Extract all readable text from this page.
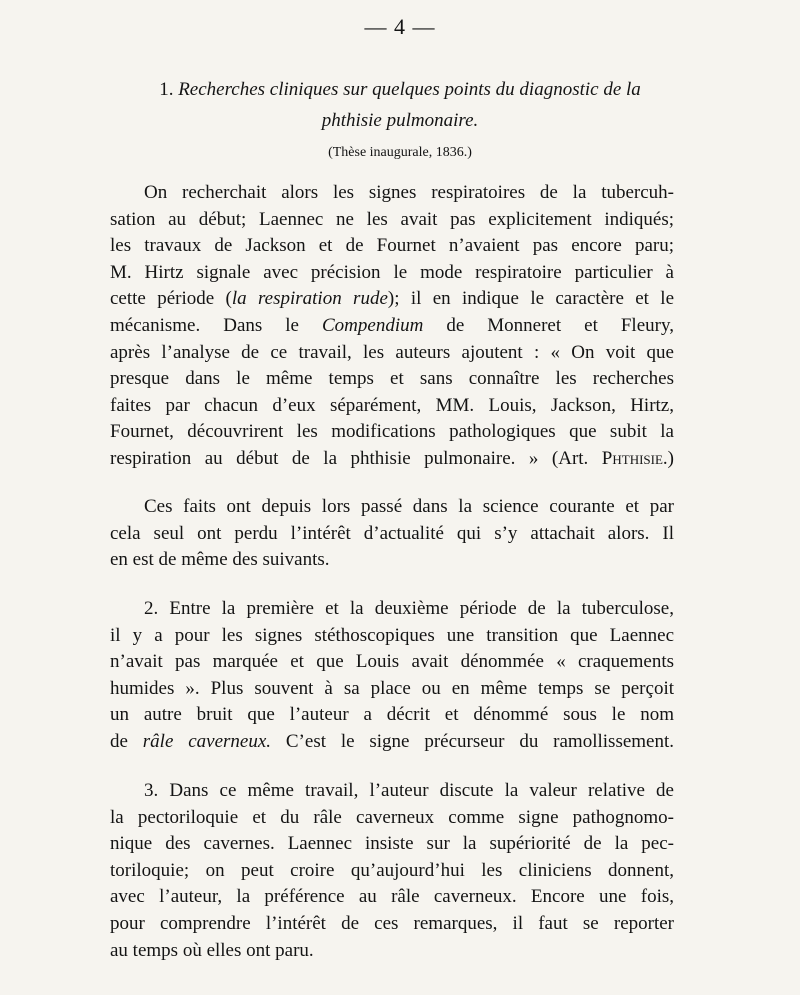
— 4 —
1. Recherches cliniques sur quelques points du diagnostic de la
phthisie pulmonaire.
(Thèse inaugurale, 1836.)
On recherchait alors les signes respiratoires de la tubercuh-
sation au début; Laennec ne les avait pas explicitement indiqués;
les travaux de Jackson et de Fournet n’avaient pas encore paru;
M. Hirtz signale avec précision le mode respiratoire particulier à
cette période (la respiration rude); il en indique le caractère et le
mécanisme. Dans le Compendium de Monneret et Fleury,
après l’analyse de ce travail, les auteurs ajoutent : « On voit que
presque dans le même temps et sans connaître les recherches
faites par chacun d’eux séparément, MM. Louis, Jackson, Hirtz,
Fournet, découvrirent les modifications pathologiques que subit la
respiration au début de la phthisie pulmonaire. » (Art. Phthisie.)
Ces faits ont depuis lors passé dans la science courante et par
cela seul ont perdu l’intérêt d’actualité qui s’y attachait alors. Il
en est de même des suivants.
2. Entre la première et la deuxième période de la tuberculose,
il y a pour les signes stéthoscopiques une transition que Laennec
n’avait pas marquée et que Louis avait dénommée « craquements
humides ». Plus souvent à sa place ou en même temps se perçoit
un autre bruit que l’auteur a décrit et dénommé sous le nom
de râle caverneux. C’est le signe précurseur du ramollissement.
3. Dans ce même travail, l’auteur discute la valeur relative de
la pectoriloquie et du râle caverneux comme signe pathognomo-
nique des cavernes. Laennec insiste sur la supériorité de la pec-
toriloquie; on peut croire qu’aujourd’hui les cliniciens donnent,
avec l’auteur, la préférence au râle caverneux. Encore une fois,
pour comprendre l’intérêt de ces remarques, il faut se reporter
au temps où elles ont paru.
